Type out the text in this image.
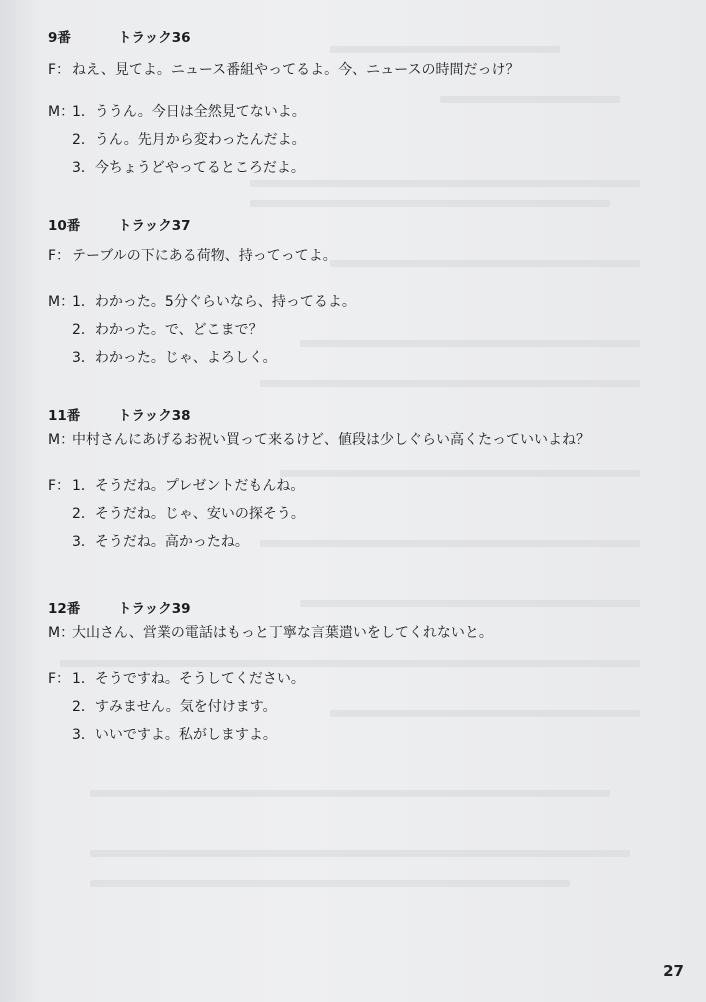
9番	トラック36
F： ねえ、見てよ。ニュース番組やってるよ。今、ニュースの時間だっけ？
M：1．ううん。今日は全然見てないよ。
2．うん。先月から変わったんだよ。
3．今ちょうどやってるところだよ。
10番	トラック37
F： テーブルの下にある荷物、持ってってよ。
M：1．わかった。5分ぐらいなら、持ってるよ。
2．わかった。で、どこまで？
3．わかった。じゃ、よろしく。
11番	トラック38
M：中村さんにあげるお祝い買って来るけど、値段は少しぐらい高くたっていいよね？
F： 1．そうだね。プレゼントだもんね。
2．そうだね。じゃ、安いの探そう。
3．そうだね。高かったね。
12番	トラック39
M：大山さん、営業の電話はもっと丁寧な言葉遣いをしてくれないと。
F： 1．そうですね。そうしてください。
2．すみません。気を付けます。
3．いいですよ。私がしますよ。
27
